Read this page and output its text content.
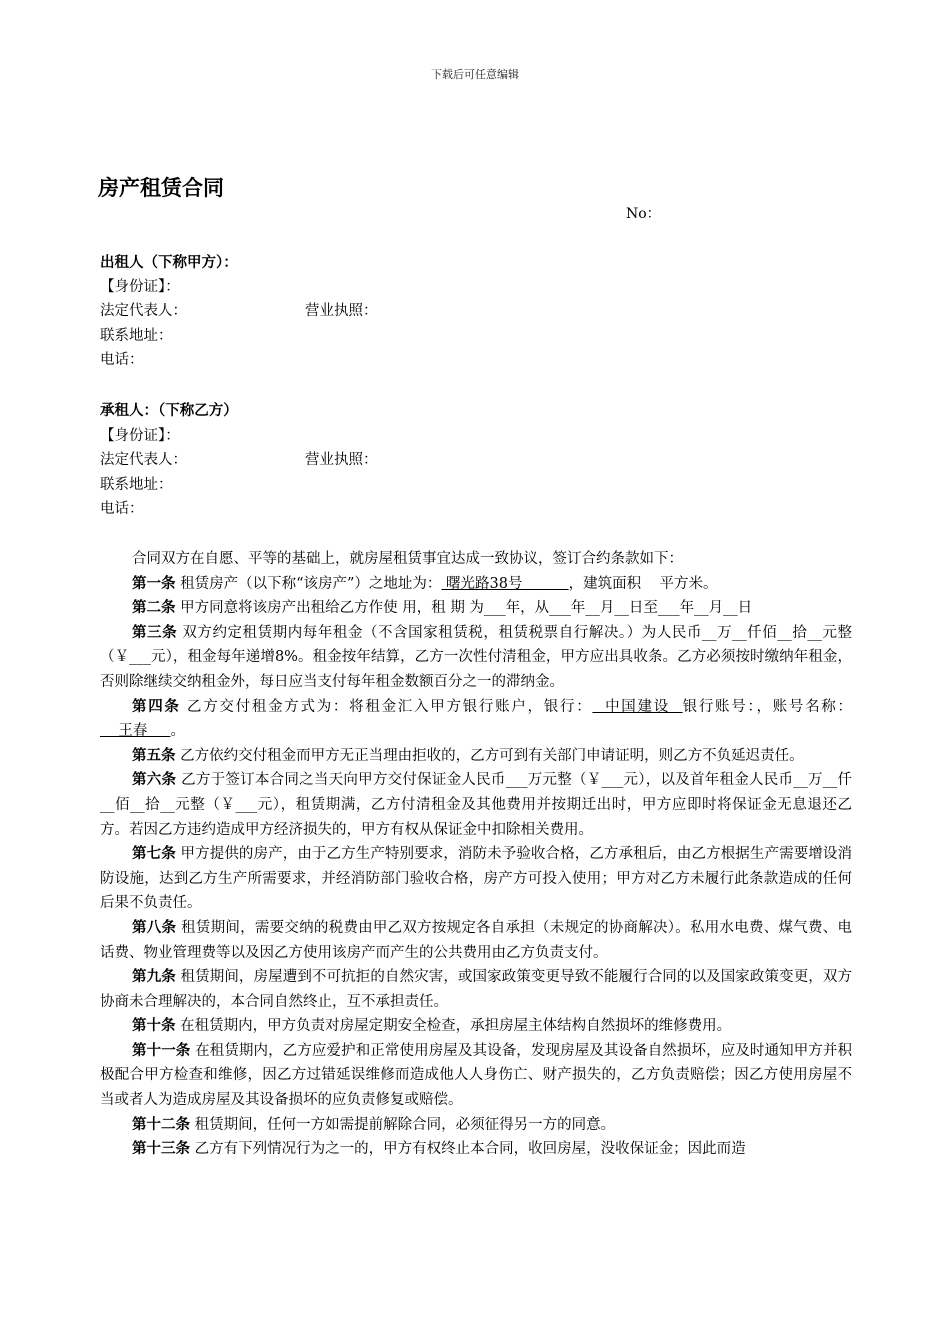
下载后可任意编辑
房产租赁合同
No：
出租人（下称甲方）：
【身份证】：
法定代表人：	营业执照：
联系地址：
电话：
承租人：（下称乙方）
【身份证】：
法定代表人：	营业执照：
联系地址：
电话：

合同双方在自愿、平等的基础上，就房屋租赁事宜达成一致协议，签订合约条款如下：

第一条 租赁房产（以下称“该房产”）之地址为： 曙光路38号          ，建筑面积    平方米。

第二条 甲方同意将该房产出租给乙方作使 用，租 期 为___年，从___年__月__日至___年__月__日

第三条 双方约定租赁期内每年租金（不含国家租赁税，租赁税票自行解决。）为人民币__万__仟佰__拾__元整（￥___元），租金每年递增8%。租金按年结算，乙方一次性付清租金，甲方应出具收条。乙方必须按时缴纳年租金，否则除继续交纳租金外，每日应当支付每年租金数额百分之一的滞纳金。

第四条 乙方交付租金方式为：将租金汇入甲方银行账户，银行：  中国建设  银行账号：，账号名称：    王春     。

第五条 乙方依约交付租金而甲方无正当理由拒收的，乙方可到有关部门申请证明，则乙方不负延迟责任。

第六条 乙方于签订本合同之当天向甲方交付保证金人民币___万元整（￥___元），以及首年租金人民币__万__仟__佰__拾__元整（￥___元），租赁期满，乙方付清租金及其他费用并按期迁出时，甲方应即时将保证金无息退还乙方。若因乙方违约造成甲方经济损失的，甲方有权从保证金中扣除相关费用。

第七条 甲方提供的房产，由于乙方生产特别要求，消防未予验收合格，乙方承租后，由乙方根据生产需要增设消防设施，达到乙方生产所需要求，并经消防部门验收合格，房产方可投入使用；甲方对乙方未履行此条款造成的任何后果不负责任。

第八条 租赁期间，需要交纳的税费由甲乙双方按规定各自承担（未规定的协商解决）。私用水电费、煤气费、电话费、物业管理费等以及因乙方使用该房产而产生的公共费用由乙方负责支付。

第九条 租赁期间，房屋遭到不可抗拒的自然灾害，或国家政策变更导致不能履行合同的以及国家政策变更，双方协商未合理解决的，本合同自然终止，互不承担责任。

第十条 在租赁期内，甲方负责对房屋定期安全检查，承担房屋主体结构自然损坏的维修费用。

第十一条 在租赁期内，乙方应爱护和正常使用房屋及其设备，发现房屋及其设备自然损坏，应及时通知甲方并积极配合甲方检查和维修，因乙方过错延误维修而造成他人人身伤亡、财产损失的，乙方负责赔偿；因乙方使用房屋不当或者人为造成房屋及其设备损坏的应负责修复或赔偿。

第十二条 租赁期间，任何一方如需提前解除合同，必须征得另一方的同意。

第十三条 乙方有下列情况行为之一的，甲方有权终止本合同，收回房屋，没收保证金；因此而造
